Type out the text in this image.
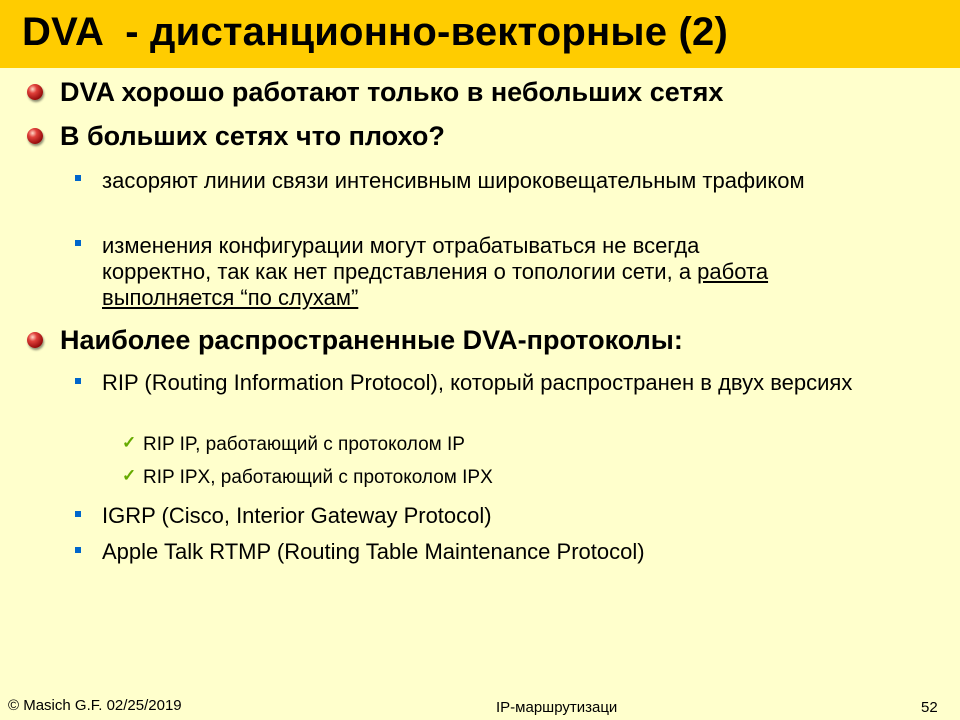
DVA  - дистанционно-векторные (2)
DVA хорошо работают только в небольших сетях
В больших сетях что плохо?
засоряют линии связи интенсивным широковещательным трафиком
изменения конфигурации могут отрабатываться не всегда
корректно, так как нет представления о топологии сети, а работа
выполняется “по слухам”
Наиболее распространенные DVA-протоколы:
RIP (Routing Information Protocol), который распространен в двух версиях
✓ RIP IP, работающий с протоколом IP
✓ RIP IPX, работающий с протоколом IPX
IGRP (Cisco, Interior Gateway Protocol)
Apple Talk RTMP (Routing Table Maintenance Protocol)
© Masich G.F. 02/25/2019	IP-маршрутизаци	52
